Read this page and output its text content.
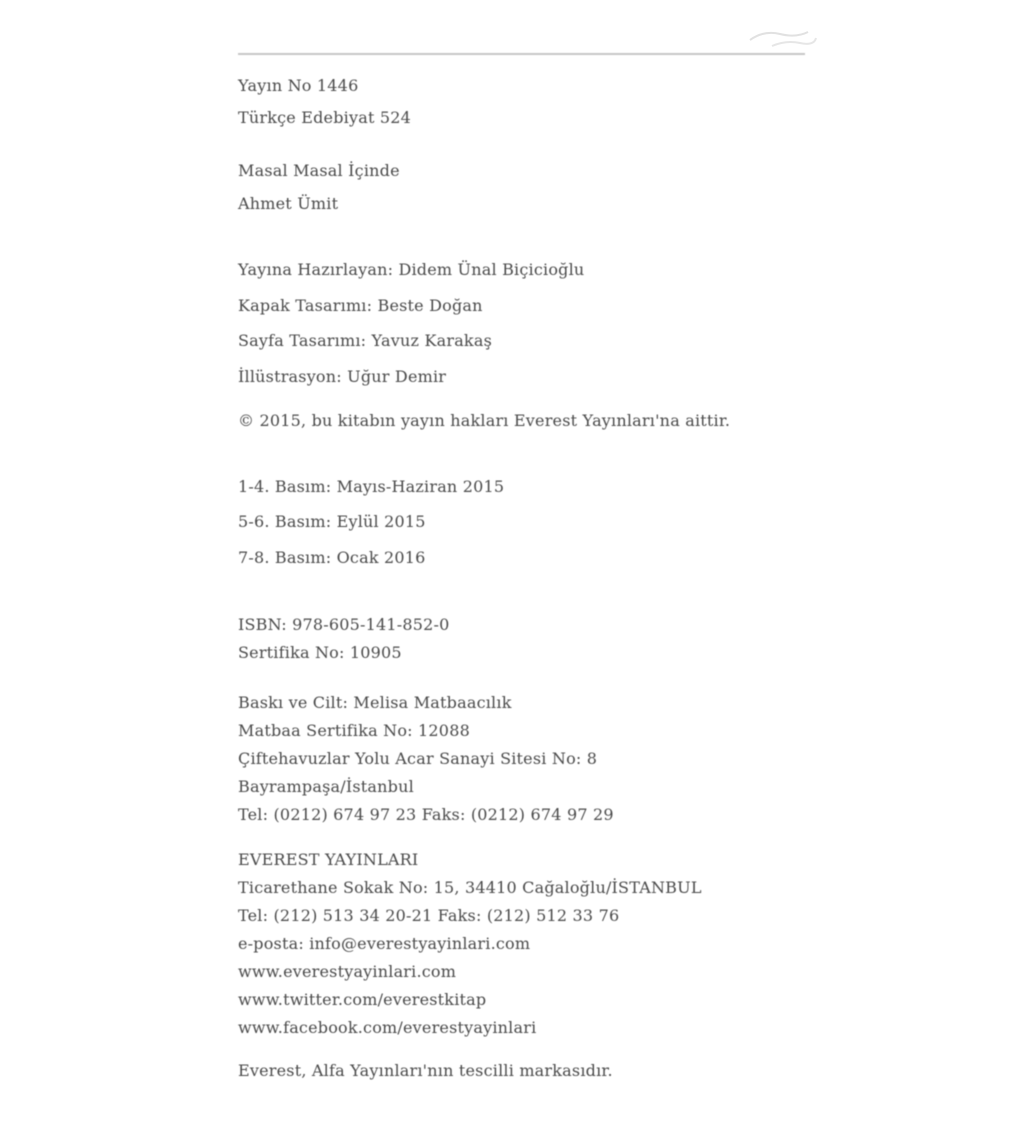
Yayın No 1446
Türkçe Edebiyat 524
Masal Masal İçinde
Ahmet Ümit
Yayına Hazırlayan: Didem Ünal Biçicioğlu
Kapak Tasarımı: Beste Doğan
Sayfa Tasarımı: Yavuz Karakaş
İllüstrasyon: Uğur Demir
© 2015, bu kitabın yayın hakları Everest Yayınları'na aittir.
1-4. Basım: Mayıs-Haziran 2015
5-6. Basım: Eylül 2015
7-8. Basım: Ocak 2016
ISBN: 978-605-141-852-0
Sertifika No: 10905
Baskı ve Cilt: Melisa Matbaacılık
Matbaa Sertifika No: 12088
Çiftehavuzlar Yolu Acar Sanayi Sitesi No: 8
Bayrampaşa/İstanbul
Tel: (0212) 674 97 23 Faks: (0212) 674 97 29
EVEREST YAYINLARI
Ticarethane Sokak No: 15, 34410 Cağaloğlu/İSTANBUL
Tel: (212) 513 34 20-21 Faks: (212) 512 33 76
e-posta: info@everestyayinlari.com
www.everestyayinlari.com
www.twitter.com/everestkitap
www.facebook.com/everestyayinlari
Everest, Alfa Yayınları'nın tescilli markasıdır.
